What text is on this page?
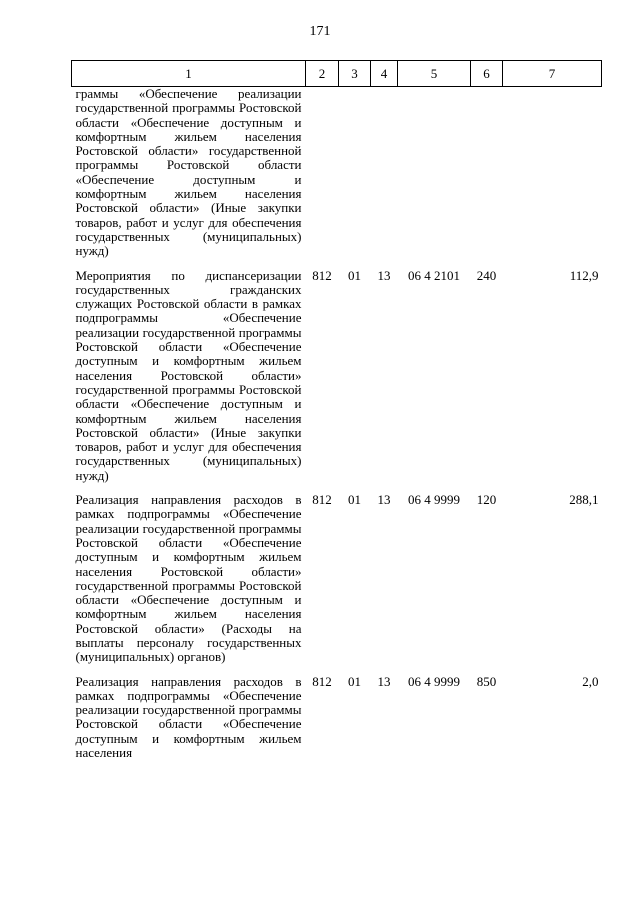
171
1	2	3	4	5	6	7
граммы «Обеспечение реализации государственной программы Ростовской области «Обеспечение доступным и комфортным жильем населения Ростовской области» государственной программы Ростовской области «Обеспечение доступным и комфортным жильем населения Ростовской области» (Иные закупки товаров, работ и услуг для обеспечения государственных (муниципальных) нужд)						
Мероприятия по диспансеризации государственных гражданских служащих Ростовской области в рамках подпрограммы «Обеспечение реализации государственной программы Ростовской области «Обеспечение доступным и комфортным жильем населения Ростовской области» государственной программы Ростовской области «Обеспечение доступным и комфортным жильем населения Ростовской области» (Иные закупки товаров, работ и услуг для обеспечения государственных (муниципальных) нужд)	812	01	13	06 4 2101	240	112,9
Реализация направления расходов в рамках подпрограммы «Обеспечение реализации государственной программы Ростовской области «Обеспечение доступным и комфортным жильем населения Ростовской области» государственной программы Ростовской области «Обеспечение доступным и комфортным жильем населения Ростовской области» (Расходы на выплаты персоналу государственных (муниципальных) органов)	812	01	13	06 4 9999	120	288,1
Реализация направления расходов в рамках подпрограммы «Обеспечение реализации государственной программы Ростовской области «Обеспечение доступным и комфортным жильем населения	812	01	13	06 4 9999	850	2,0
